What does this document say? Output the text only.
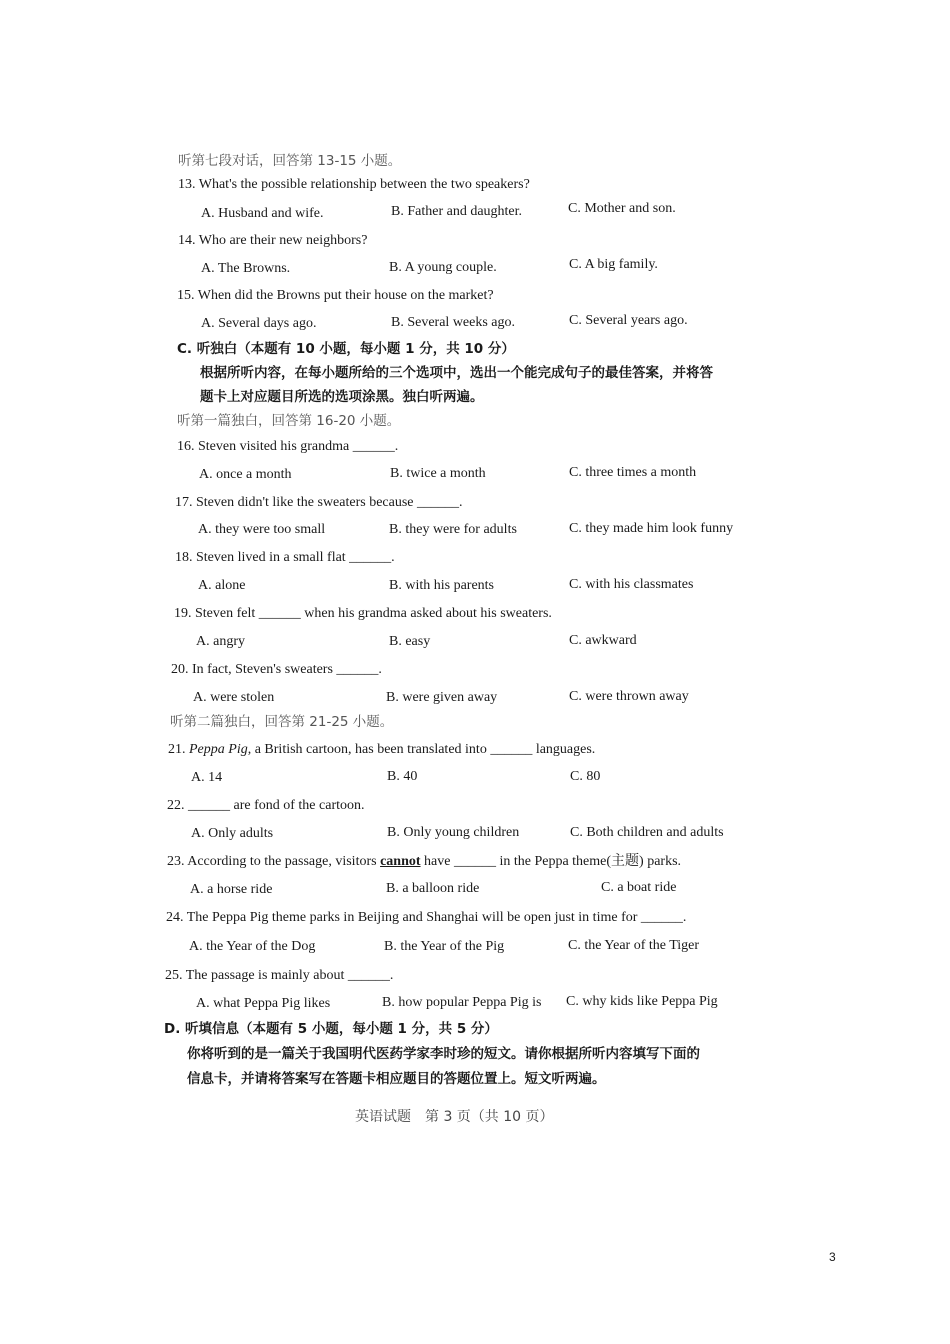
听第七段对话，回答第 13-15 小题。
13. What's the possible relationship between the two speakers?
A. Husband and wife.	B. Father and daughter.	C. Mother and son.
14. Who are their new neighbors?
A. The Browns.	B. A young couple.	C. A big family.
15. When did the Browns put their house on the market?
A. Several days ago.	B. Several weeks ago.	C. Several years ago.
C. 听独白（本题有 10 小题，每小题 1 分，共 10 分）
根据所听内容，在每小题所给的三个选项中，选出一个能完成句子的最佳答案，并将答
题卡上对应题目所选的选项涂黑。独白听两遍。
听第一篇独白，回答第 16-20 小题。
16. Steven visited his grandma ______.
A. once a month	B. twice a month	C. three times a month
17. Steven didn't like the sweaters because ______.
A. they were too small	B. they were for adults	C. they made him look funny
18. Steven lived in a small flat ______.
A. alone	B. with his parents	C. with his classmates
19. Steven felt ______ when his grandma asked about his sweaters.
A. angry	B. easy	C. awkward
20. In fact, Steven's sweaters ______.
A. were stolen	B. were given away	C. were thrown away
听第二篇独白，回答第 21-25 小题。
21. Peppa Pig, a British cartoon, has been translated into ______ languages.
A. 14	B. 40	C. 80
22. ______ are fond of the cartoon.
A. Only adults	B. Only young children	C. Both children and adults
23. According to the passage, visitors cannot have ______ in the Peppa theme(主题) parks.
A. a horse ride	B. a balloon ride	C. a boat ride
24. The Peppa Pig theme parks in Beijing and Shanghai will be open just in time for ______.
A. the Year of the Dog	B. the Year of the Pig	C. the Year of the Tiger
25. The passage is mainly about ______.
A. what Peppa Pig likes	B. how popular Peppa Pig is C. why kids like Peppa Pig
D. 听填信息（本题有 5 小题，每小题 1 分，共 5 分）
你将听到的是一篇关于我国明代医药学家李时珍的短文。请你根据所听内容填写下面的
信息卡，并请将答案写在答题卡相应题目的答题位置上。短文听两遍。
英语试题　第 3 页（共 10 页）
3
